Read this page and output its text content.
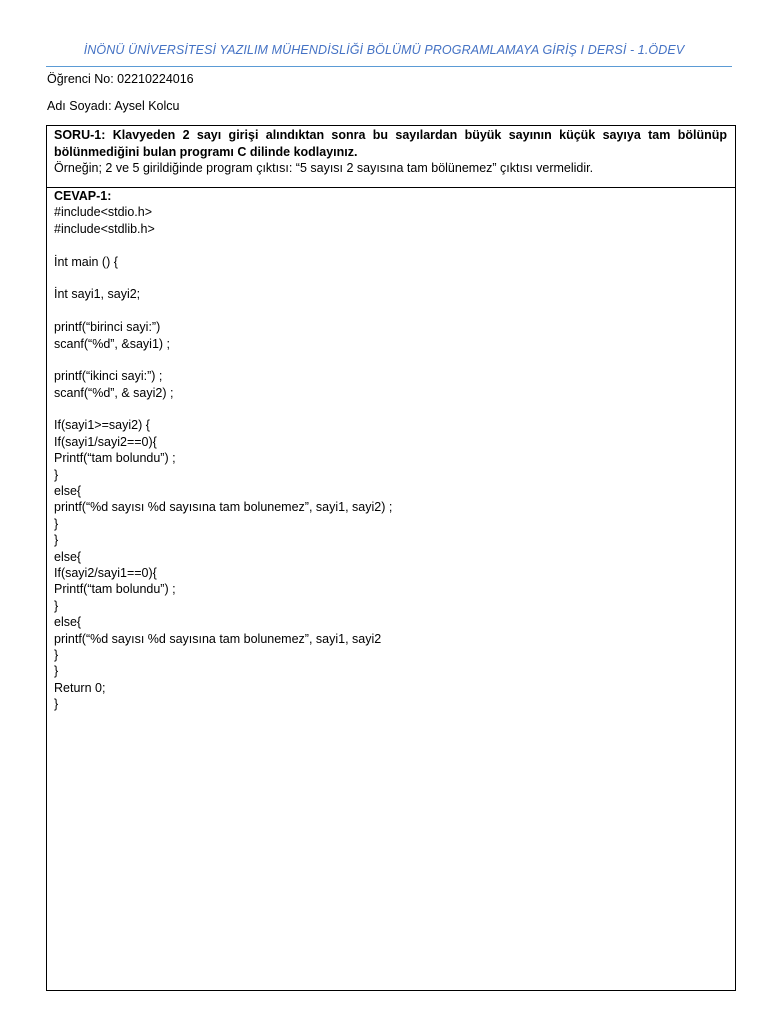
İNÖNÜ ÜNİVERSİTESİ YAZILIM MÜHENDİSLİĞİ BÖLÜMÜ PROGRAMLAMAYA GİRİŞ I DERSİ - 1.ÖDEV
Öğrenci No: 02210224016
Adı Soyadı: Aysel Kolcu
SORU-1: Klavyeden 2 sayı girişi alındıktan sonra bu sayılardan büyük sayının küçük sayıya tam bölünüp bölünmediğini bulan programı C dilinde kodlayınız.
Örneğin; 2 ve 5 girildiğinde program çıktısı: “5 sayısı 2 sayısına tam bölünemez” çıktısı vermelidir.
CEVAP-1:
#include<stdio.h>
#include<stdlib.h>
İnt main () {
İnt sayi1, sayi2;
printf(“birinci sayi:”)
scanf(“%d”, &sayi1) ;
printf(“ikinci sayi:”) ;
scanf(“%d”, & sayi2) ;
If(sayi1>=sayi2) {
If(sayi1/sayi2==0){
Printf(“tam bolundu”) ;
}
else{
printf(“%d sayısı %d sayısına tam bolunemez”, sayi1, sayi2) ;
}
}
else{
If(sayi2/sayi1==0){
Printf(“tam bolundu”) ;
}
else{
printf(“%d sayısı %d sayısına tam bolunemez”, sayi1, sayi2
}
}
Return 0;
}
